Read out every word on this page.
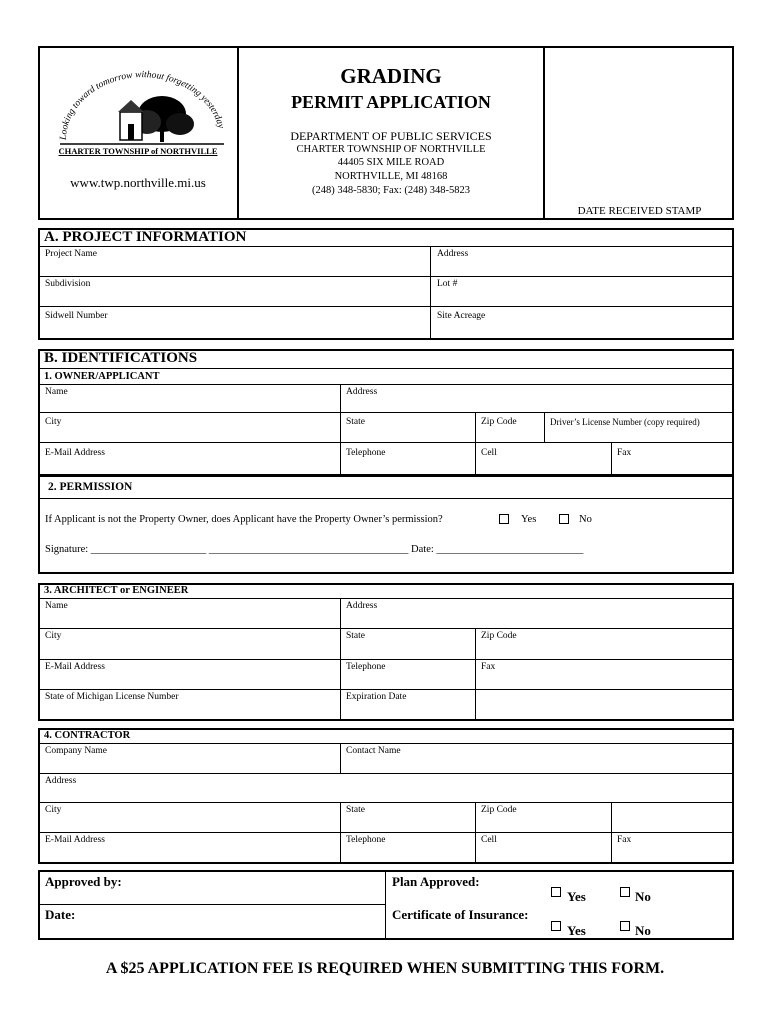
Looking toward tomorrow without forgetting yesterday
CHARTER TOWNSHIP of NORTHVILLE
www.twp.northville.mi.us
GRADING
PERMIT APPLICATION
DEPARTMENT OF PUBLIC SERVICES
CHARTER TOWNSHIP OF NORTHVILLE
44405 SIX MILE ROAD
NORTHVILLE, MI 48168
(248) 348-5830; Fax: (248) 348-5823
DATE RECEIVED STAMP
A. PROJECT INFORMATION
Project Name	Address
Subdivision	Lot #
Sidwell Number	Site Acreage
B. IDENTIFICATIONS
1. OWNER/APPLICANT
Name	Address
City	State	Zip Code	Driver’s License Number (copy required)
E-Mail Address	Telephone	Cell	Fax
2. PERMISSION
If Applicant is not the Property Owner, does Applicant have the Property Owner’s permission?	Yes	No
Signature: ______________________ ______________________________________ Date: ____________________________
3. ARCHITECT or ENGINEER
Name	Address
City	State	Zip Code
E-Mail Address	Telephone	Fax
State of Michigan License Number	Expiration Date
4. CONTRACTOR
Company Name	Contact Name
Address
City	State	Zip Code
E-Mail Address	Telephone	Cell	Fax
Approved by:
Date:
Plan Approved:
Yes	No
Certificate of Insurance:
Yes	No
A $25 APPLICATION FEE IS REQUIRED WHEN SUBMITTING THIS FORM.
